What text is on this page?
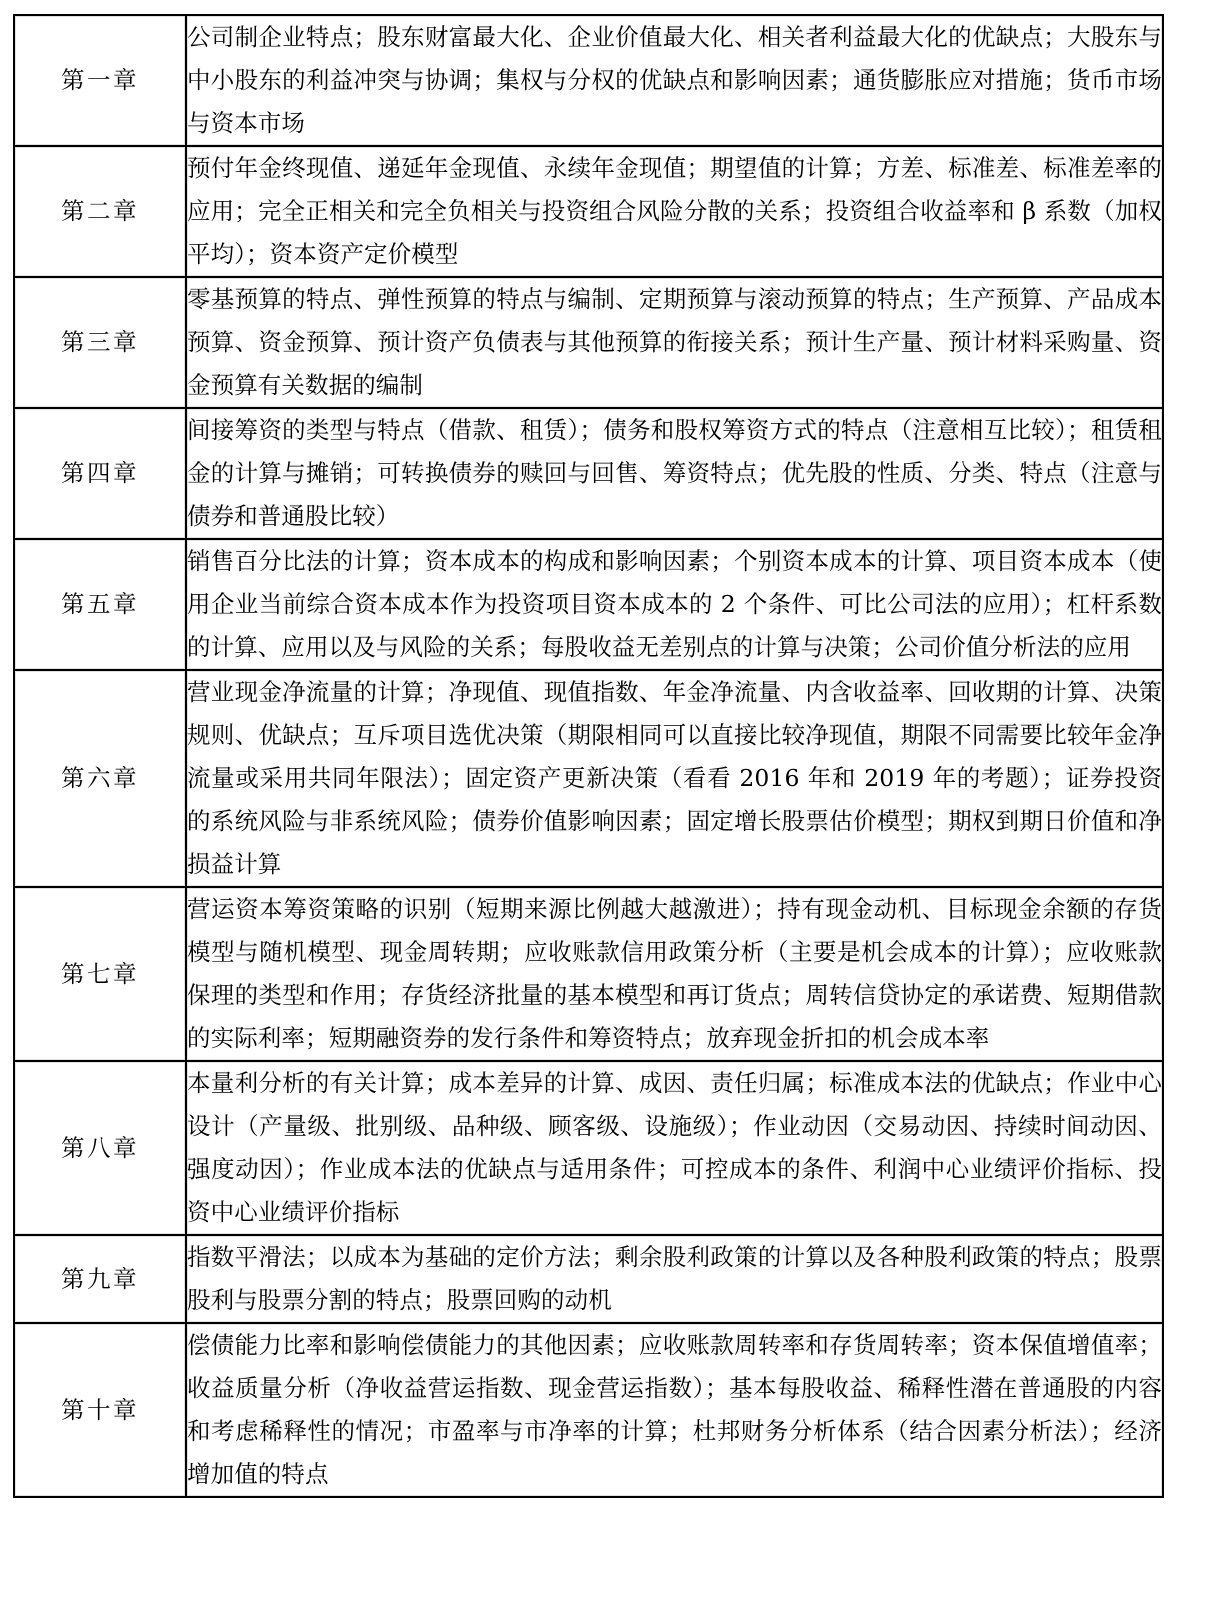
第一章	公司制企业特点；股东财富最大化、企业价值最大化、相关者利益最大化的优缺点；大股东与中小股东的利益冲突与协调；集权与分权的优缺点和影响因素；通货膨胀应对措施；货币市场与资本市场

第二章	预付年金终现值、递延年金现值、永续年金现值；期望值的计算；方差、标准差、标准差率的应用；完全正相关和完全负相关与投资组合风险分散的关系；投资组合收益率和 β 系数（加权平均）；资本资产定价模型

第三章	零基预算的特点、弹性预算的特点与编制、定期预算与滚动预算的特点；生产预算、产品成本预算、资金预算、预计资产负债表与其他预算的衔接关系；预计生产量、预计材料采购量、资金预算有关数据的编制

第四章	间接筹资的类型与特点（借款、租赁）；债务和股权筹资方式的特点（注意相互比较）；租赁租金的计算与摊销；可转换债券的赎回与回售、筹资特点；优先股的性质、分类、特点（注意与债券和普通股比较）

第五章	销售百分比法的计算；资本成本的构成和影响因素；个别资本成本的计算、项目资本成本（使用企业当前综合资本成本作为投资项目资本成本的 2 个条件、可比公司法的应用）；杠杆系数的计算、应用以及与风险的关系；每股收益无差别点的计算与决策；公司价值分析法的应用

第六章	营业现金净流量的计算；净现值、现值指数、年金净流量、内含收益率、回收期的计算、决策规则、优缺点；互斥项目选优决策（期限相同可以直接比较净现值，期限不同需要比较年金净流量或采用共同年限法）；固定资产更新决策（看看 2016 年和 2019 年的考题）；证券投资的系统风险与非系统风险；债券价值影响因素；固定增长股票估价模型；期权到期日价值和净损益计算

第七章	营运资本筹资策略的识别（短期来源比例越大越激进）；持有现金动机、目标现金余额的存货模型与随机模型、现金周转期；应收账款信用政策分析（主要是机会成本的计算）；应收账款保理的类型和作用；存货经济批量的基本模型和再订货点；周转信贷协定的承诺费、短期借款的实际利率；短期融资券的发行条件和筹资特点；放弃现金折扣的机会成本率

第八章	本量利分析的有关计算；成本差异的计算、成因、责任归属；标准成本法的优缺点；作业中心设计（产量级、批别级、品种级、顾客级、设施级）；作业动因（交易动因、持续时间动因、强度动因）；作业成本法的优缺点与适用条件；可控成本的条件、利润中心业绩评价指标、投资中心业绩评价指标

第九章	指数平滑法；以成本为基础的定价方法；剩余股利政策的计算以及各种股利政策的特点；股票股利与股票分割的特点；股票回购的动机

第十章	偿债能力比率和影响偿债能力的其他因素；应收账款周转率和存货周转率；资本保值增值率；收益质量分析（净收益营运指数、现金营运指数）；基本每股收益、稀释性潜在普通股的内容和考虑稀释性的情况；市盈率与市净率的计算；杜邦财务分析体系（结合因素分析法）；经济增加值的特点
